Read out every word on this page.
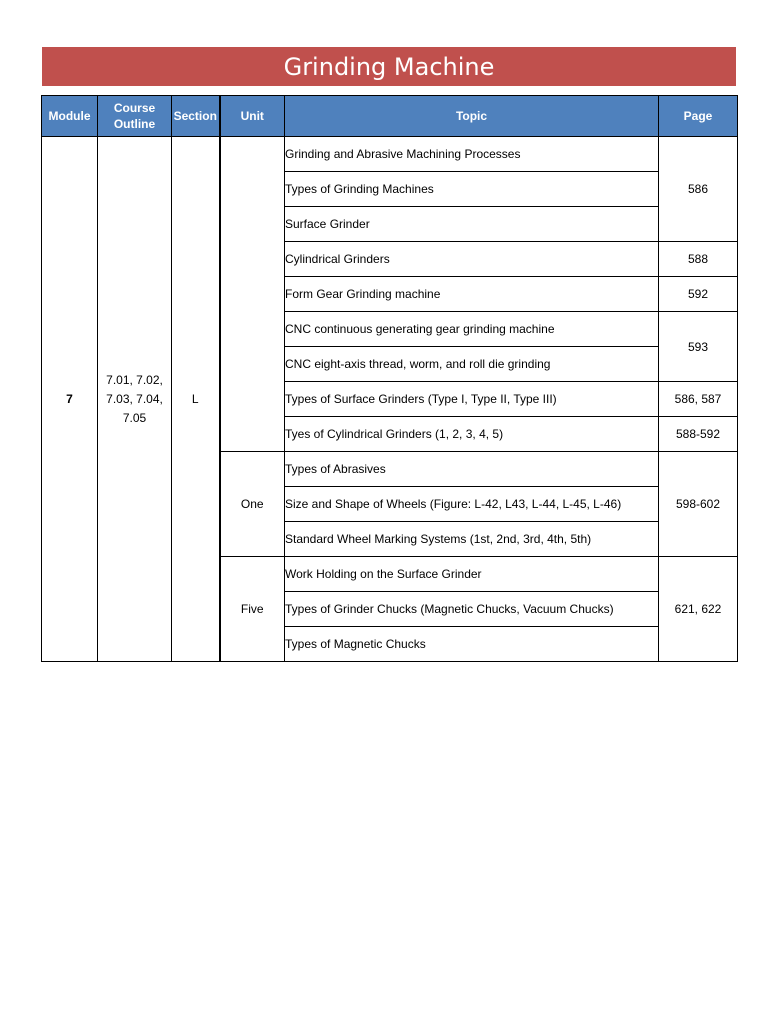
Grinding Machine
Module	Course Outline	Section	Unit	Topic	Page
7	7.01, 7.02, 7.03, 7.04, 7.05	L		Grinding and Abrasive Machining Processes	586
				Types of Grinding Machines	
				Surface Grinder	
				Cylindrical Grinders	588
				Form Gear Grinding machine	592
				CNC continuous generating gear grinding machine	593
				CNC eight-axis thread, worm, and roll die grinding	
				Types of Surface Grinders (Type I, Type II, Type III)	586, 587
				Tyes of Cylindrical Grinders (1, 2, 3, 4, 5)	588-592
			One	Types of Abrasives	598-602
				Size and Shape of Wheels (Figure: L-42, L43, L-44, L-45, L-46)	
				Standard Wheel Marking Systems (1st, 2nd, 3rd, 4th, 5th)	
			Five	Work Holding on the Surface Grinder	621, 622
				Types of Grinder Chucks (Magnetic Chucks, Vacuum Chucks)	
				Types of Magnetic Chucks	
